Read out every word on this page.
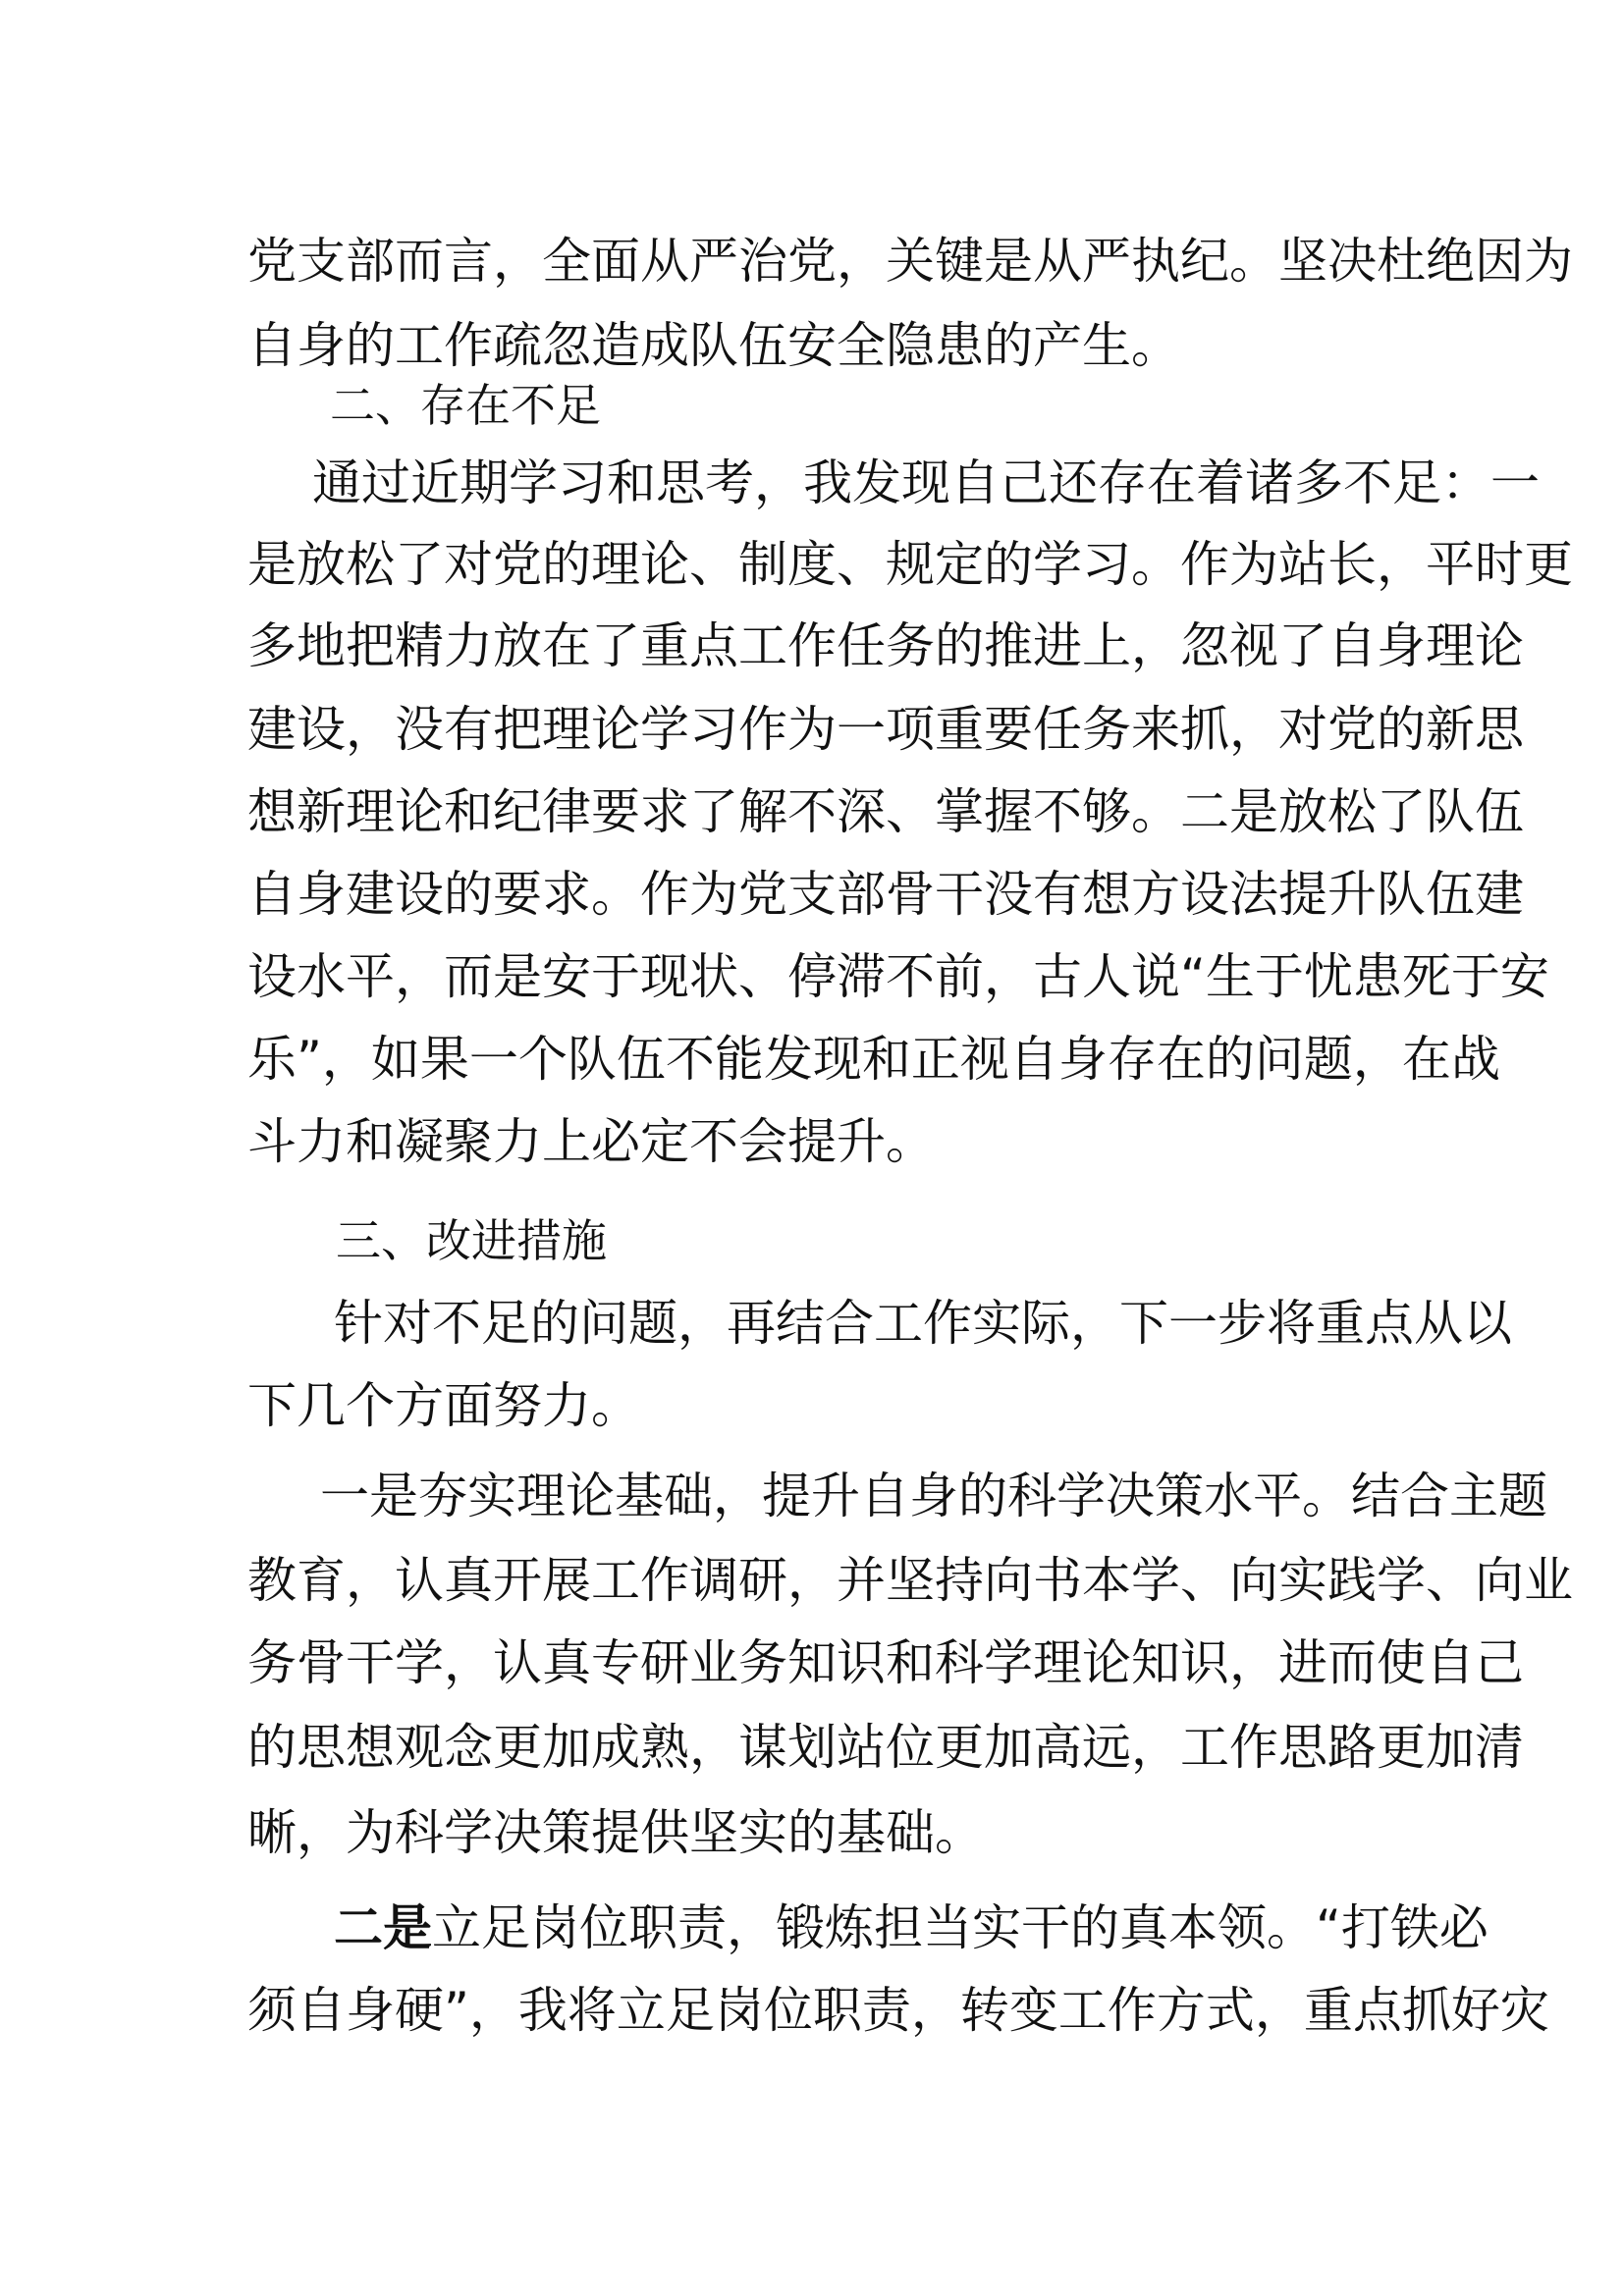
党支部而言，全面从严治党，关键是从严执纪。坚决杜绝因为
自身的工作疏忽造成队伍安全隐患的产生。
二、存在不足
通过近期学习和思考，我发现自己还存在着诸多不足：一
是放松了对党的理论、制度、规定的学习。作为站长，平时更
多地把精力放在了重点工作任务的推进上，忽视了自身理论
建设，没有把理论学习作为一项重要任务来抓，对党的新思
想新理论和纪律要求了解不深、掌握不够。二是放松了队伍
自身建设的要求。作为党支部骨干没有想方设法提升队伍建
设水平，而是安于现状、停滞不前，古人说“生于忧患死于安
乐”，如果一个队伍不能发现和正视自身存在的问题，在战
斗力和凝聚力上必定不会提升。
三、改进措施
针对不足的问题，再结合工作实际，下一步将重点从以
下几个方面努力。
一是夯实理论基础，提升自身的科学决策水平。结合主题
教育，认真开展工作调研，并坚持向书本学、向实践学、向业
务骨干学，认真专研业务知识和科学理论知识，进而使自己
的思想观念更加成熟，谋划站位更加高远，工作思路更加清
晰，为科学决策提供坚实的基础。
二是 立足岗位职责，锻炼担当实干的真本领。“打铁必
须自身硬”，我将立足岗位职责，转变工作方式，重点抓好灾
